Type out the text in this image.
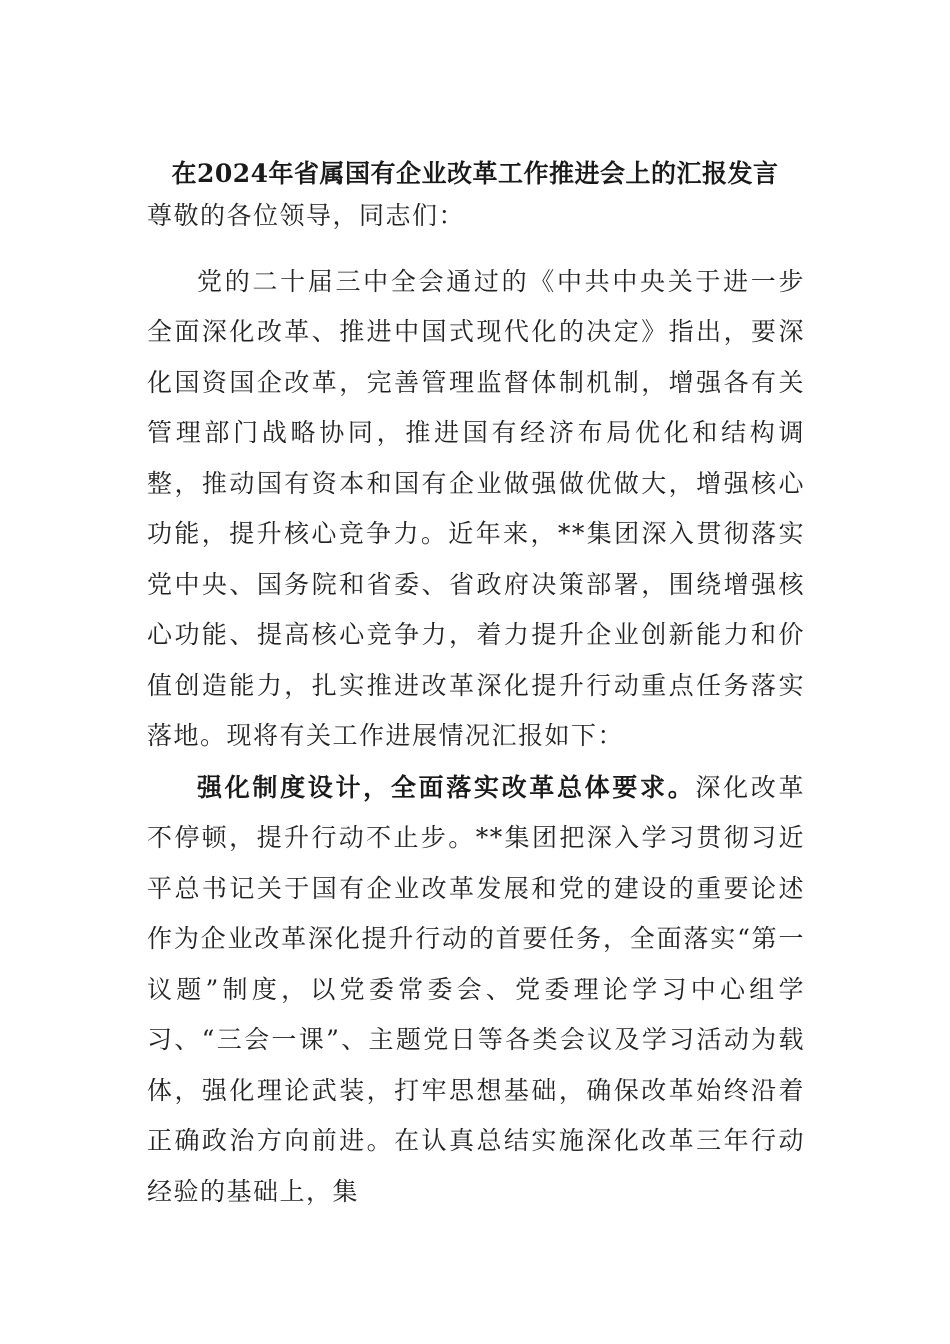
在2024年省属国有企业改革工作推进会上的汇报发言

尊敬的各位领导，同志们：

党的二十届三中全会通过的《中共中央关于进一步全面深化改革、推进中国式现代化的决定》指出，要深化国资国企改革，完善管理监督体制机制，增强各有关管理部门战略协同，推进国有经济布局优化和结构调整，推动国有资本和国有企业做强做优做大，增强核心功能，提升核心竞争力。近年来，**集团深入贯彻落实党中央、国务院和省委、省政府决策部署，围绕增强核心功能、提高核心竞争力，着力提升企业创新能力和价值创造能力，扎实推进改革深化提升行动重点任务落实落地。现将有关工作进展情况汇报如下：

强化制度设计，全面落实改革总体要求。深化改革不停顿，提升行动不止步。**集团把深入学习贯彻习近平总书记关于国有企业改革发展和党的建设的重要论述作为企业改革深化提升行动的首要任务，全面落实“第一议题”制度，以党委常委会、党委理论学习中心组学习、“三会一课”、主题党日等各类会议及学习活动为载体，强化理论武装，打牢思想基础，确保改革始终沿着正确政治方向前进。在认真总结实施深化改革三年行动经验的基础上，集
